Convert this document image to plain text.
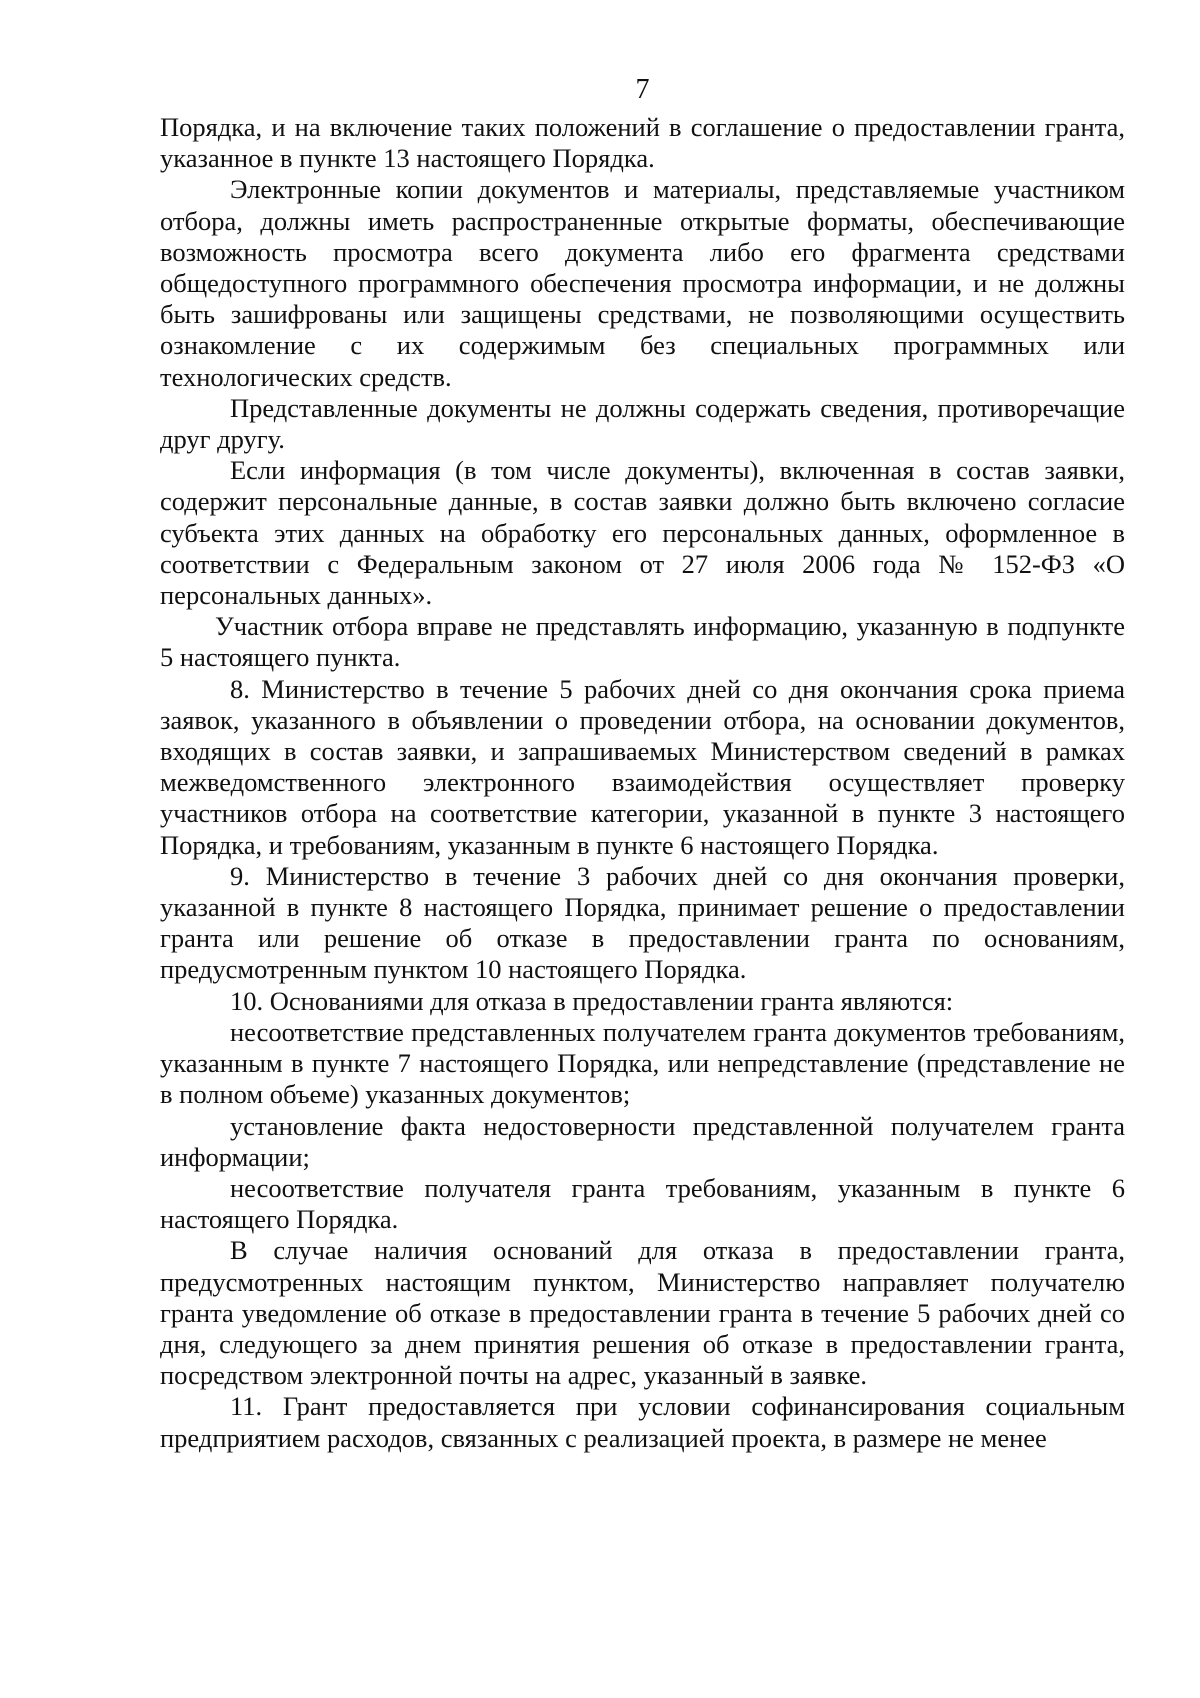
7

Порядка, и на включение таких положений в соглашение о предоставлении гранта, указанное в пункте 13 настоящего Порядка.

Электронные копии документов и материалы, представляемые участником отбора, должны иметь распространенные открытые форматы, обеспечивающие возможность просмотра всего документа либо его фрагмента средствами общедоступного программного обеспечения просмотра информации, и не должны быть зашифрованы или защищены средствами, не позволяющими осуществить ознакомление с их содержимым без специальных программных или технологических средств.

Представленные документы не должны содержать сведения, противоречащие друг другу.

Если информация (в том числе документы), включенная в состав заявки, содержит персональные данные, в состав заявки должно быть включено согласие субъекта этих данных на обработку его персональных данных, оформленное в соответствии с Федеральным законом от 27 июля 2006 года № 152-ФЗ «О персональных данных».

Участник отбора вправе не представлять информацию, указанную в подпункте 5 настоящего пункта.

8. Министерство в течение 5 рабочих дней со дня окончания срока приема заявок, указанного в объявлении о проведении отбора, на основании документов, входящих в состав заявки, и запрашиваемых Министерством сведений в рамках межведомственного электронного взаимодействия осуществляет проверку участников отбора на соответствие категории, указанной в пункте 3 настоящего Порядка, и требованиям, указанным в пункте 6 настоящего Порядка.

9. Министерство в течение 3 рабочих дней со дня окончания проверки, указанной в пункте 8 настоящего Порядка, принимает решение о предоставлении гранта или решение об отказе в предоставлении гранта по основаниям, предусмотренным пунктом 10 настоящего Порядка.

10. Основаниями для отказа в предоставлении гранта являются:

несоответствие представленных получателем гранта документов требованиям, указанным в пункте 7 настоящего Порядка, или непредставление (представление не в полном объеме) указанных документов;

установление факта недостоверности представленной получателем гранта информации;

несоответствие получателя гранта требованиям, указанным в пункте 6 настоящего Порядка.

В случае наличия оснований для отказа в предоставлении гранта, предусмотренных настоящим пунктом, Министерство направляет получателю гранта уведомление об отказе в предоставлении гранта в течение 5 рабочих дней со дня, следующего за днем принятия решения об отказе в предоставлении гранта, посредством электронной почты на адрес, указанный в заявке.

11. Грант предоставляется при условии софинансирования социальным предприятием расходов, связанных с реализацией проекта, в размере не менее
